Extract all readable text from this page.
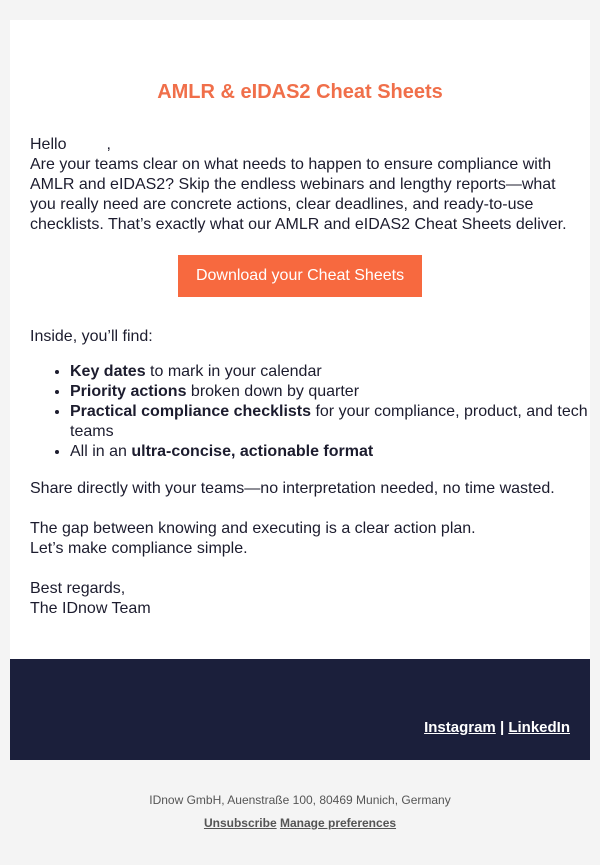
AMLR & eIDAS2 Cheat Sheets

Hello	,

Are your teams clear on what needs to happen to ensure compliance with AMLR and eIDAS2? Skip the endless webinars and lengthy reports—what you really need are concrete actions, clear deadlines, and ready-to-use checklists. That’s exactly what our AMLR and eIDAS2 Cheat Sheets deliver.

Download your Cheat Sheets

Inside, you’ll find:

• Key dates to mark in your calendar
• Priority actions broken down by quarter
• Practical compliance checklists for your compliance, product, and tech teams
• All in an ultra-concise, actionable format

Share directly with your teams—no interpretation needed, no time wasted.

The gap between knowing and executing is a clear action plan.

Let’s make compliance simple.

Best regards,

The IDnow Team

Instagram | LinkedIn
IDnow GmbH, Auenstraße 100, 80469 Munich, Germany
Unsubscribe Manage preferences
